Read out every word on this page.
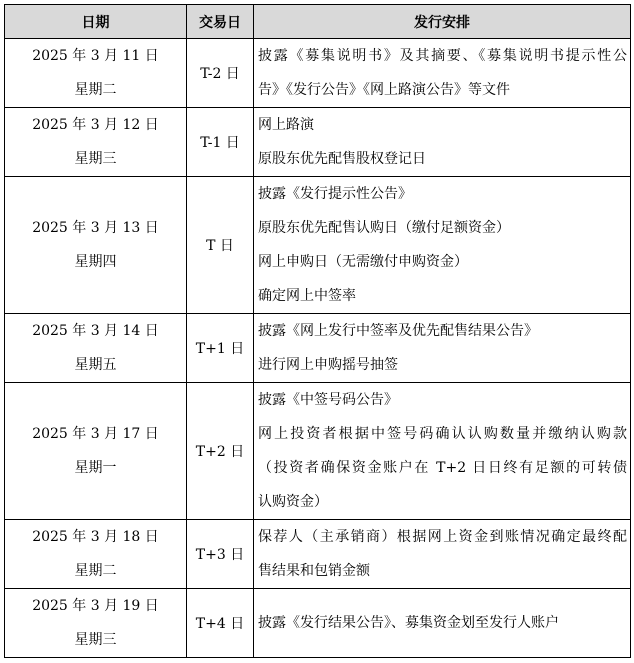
日期	交易日	发行安排

2025 年 3 月 11 日
星期二	T-2 日	披露《募集说明书》及其摘要、《募集说明书提示性公
告》《发行公告》《网上路演公告》等文件

2025 年 3 月 12 日
星期三	T-1 日	网上路演
原股东优先配售股权登记日

2025 年 3 月 13 日
星期四	T 日	披露《发行提示性公告》
原股东优先配售认购日（缴付足额资金）
网上申购日（无需缴付申购资金）
确定网上中签率

2025 年 3 月 14 日
星期五	T+1 日	披露《网上发行中签率及优先配售结果公告》
进行网上申购摇号抽签

2025 年 3 月 17 日
星期一	T+2 日	披露《中签号码公告》
网上投资者根据中签号码确认认购数量并缴纳认购款
（投资者确保资金账户在 T+2 日日终有足额的可转债
认购资金）

2025 年 3 月 18 日
星期二	T+3 日	保荐人（主承销商）根据网上资金到账情况确定最终配
售结果和包销金额

2025 年 3 月 19 日
星期三	T+4 日	披露《发行结果公告》、募集资金划至发行人账户
